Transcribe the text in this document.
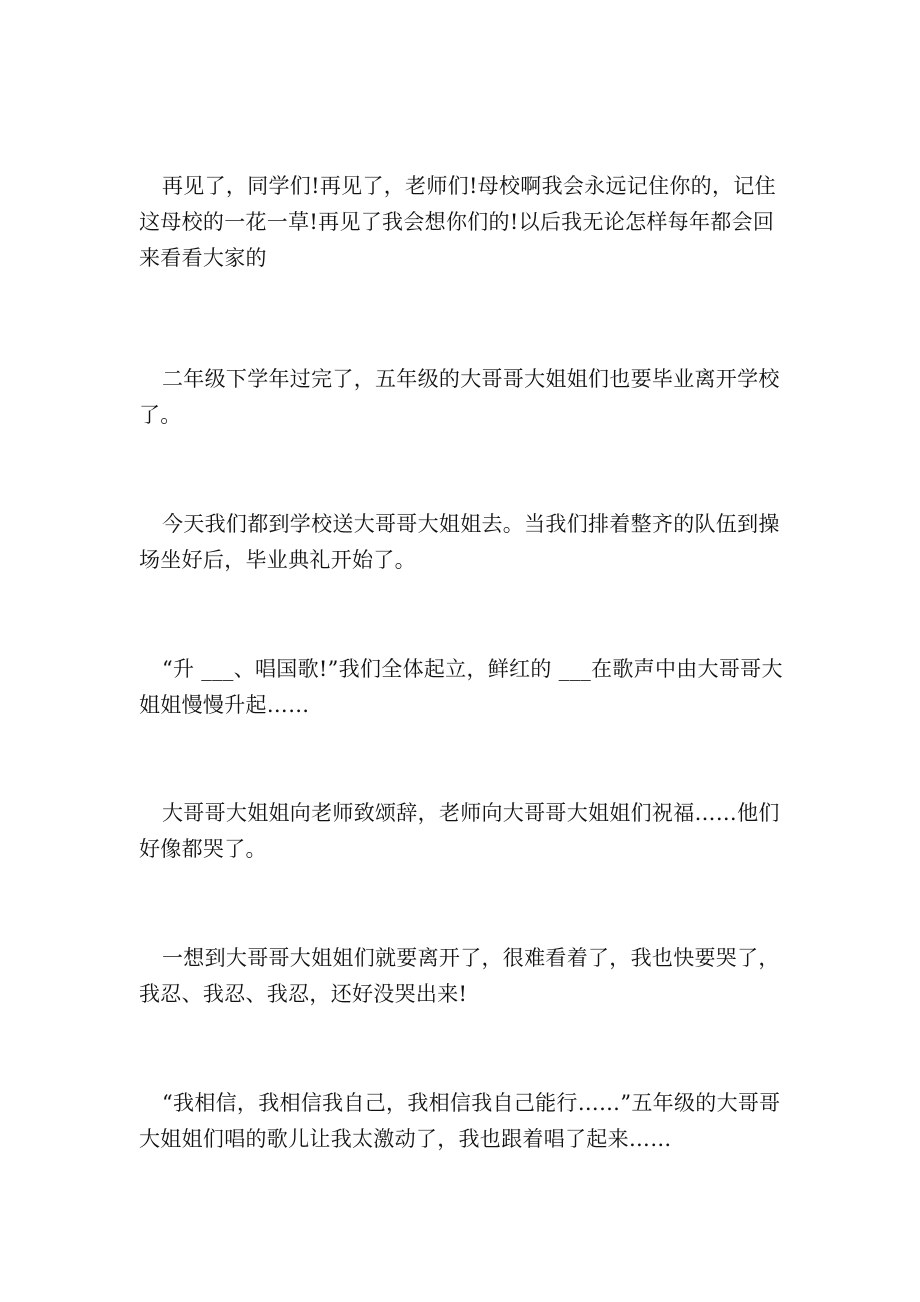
再见了，同学们!再见了，老师们!母校啊我会永远记住你的，记住这母校的一花一草!再见了我会想你们的!以后我无论怎样每年都会回来看看大家的

二年级下学年过完了，五年级的大哥哥大姐姐们也要毕业离开学校了。

今天我们都到学校送大哥哥大姐姐去。当我们排着整齐的队伍到操场坐好后，毕业典礼开始了。

“升 ___、唱国歌!”我们全体起立，鲜红的 ___在歌声中由大哥哥大姐姐慢慢升起……

大哥哥大姐姐向老师致颂辞，老师向大哥哥大姐姐们祝福……他们好像都哭了。

一想到大哥哥大姐姐们就要离开了，很难看着了，我也快要哭了，我忍、我忍、我忍，还好没哭出来!

“我相信，我相信我自己，我相信我自己能行……”五年级的大哥哥大姐姐们唱的歌儿让我太激动了，我也跟着唱了起来……
